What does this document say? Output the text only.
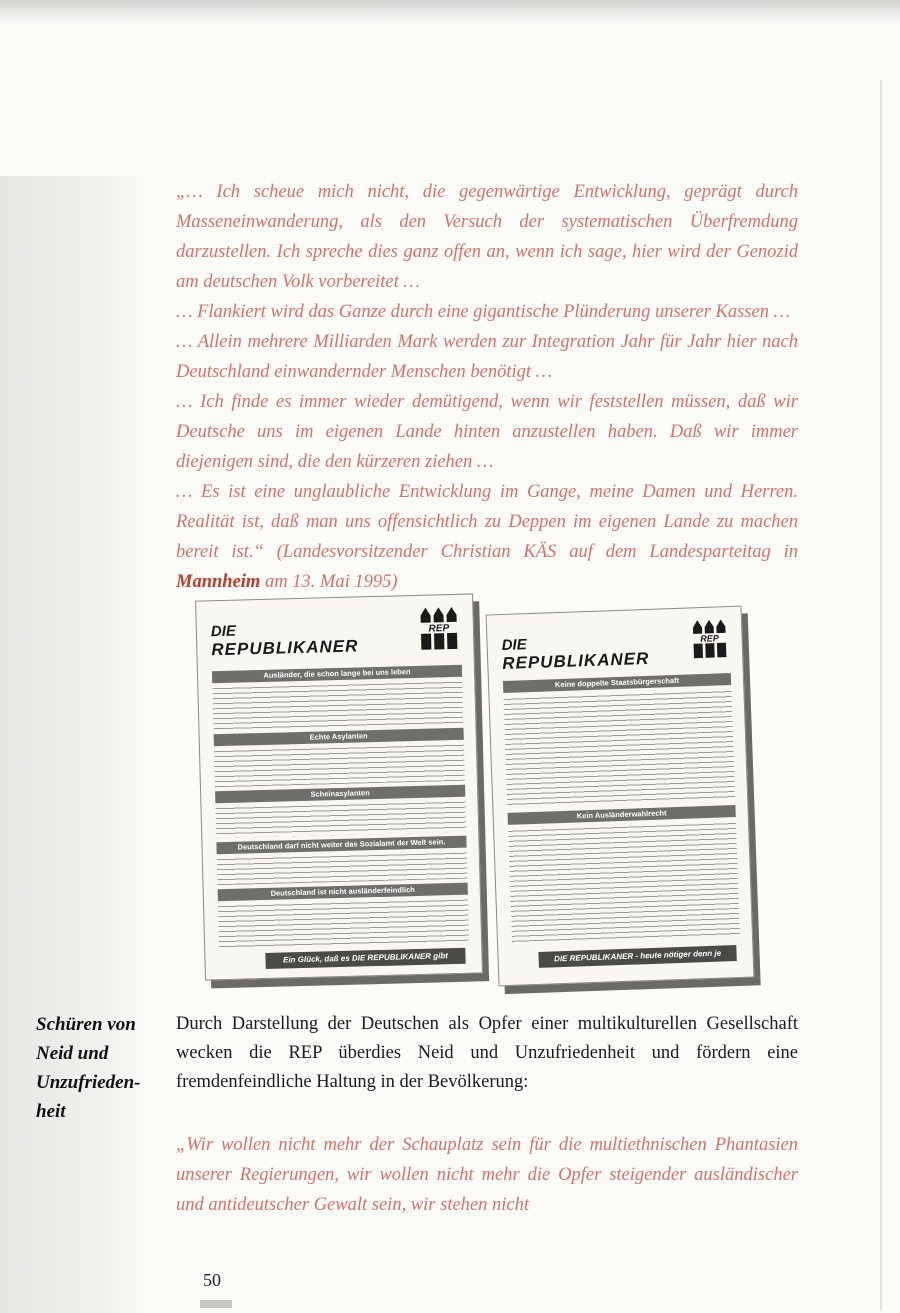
„… Ich scheue mich nicht, die gegenwärtige Entwicklung, geprägt durch Masseneinwanderung, als den Versuch der systematischen Überfremdung darzustellen. Ich spreche dies ganz offen an, wenn ich sage, hier wird der Genozid am deutschen Volk vorbereitet …

… Flankiert wird das Ganze durch eine gigantische Plünderung unserer Kassen …

… Allein mehrere Milliarden Mark werden zur Integration Jahr für Jahr hier nach Deutschland einwandernder Menschen benötigt …

… Ich finde es immer wieder demütigend, wenn wir feststellen müssen, daß wir Deutsche uns im eigenen Lande hinten anzustellen haben. Daß wir immer diejenigen sind, die den kürzeren ziehen …

… Es ist eine unglaubliche Entwicklung im Gange, meine Damen und Herren. Realität ist, daß man uns offensichtlich zu Deppen im eigenen Lande zu machen bereit ist.“ (Landesvorsitzender Christian KÄS auf dem Landesparteitag in Mannheim am 13. Mai 1995)

DIE
REPUBLIKANER
REP
Ausländer, die schon lange bei uns leben
Echte Asylanten
Scheinasylanten
Deutschland darf nicht weiter das Sozialamt der Welt sein.
Deutschland ist nicht ausländerfeindlich
Ein Glück, daß es DIE REPUBLIKANER gibt
DIE
REPUBLIKANER
REP
Keine doppelte Staatsbürgerschaft
Kein Ausländerwahlrecht
DIE REPUBLIKANER - heute nötiger denn je

Schüren von Neid und Unzufrieden-heit

Durch Darstellung der Deutschen als Opfer einer multikulturellen Gesellschaft wecken die REP überdies Neid und Unzufriedenheit und fördern eine fremdenfeindliche Haltung in der Bevölkerung:

„Wir wollen nicht mehr der Schauplatz sein für die multiethnischen Phantasien unserer Regierungen, wir wollen nicht mehr die Opfer steigender ausländischer und antideutscher Gewalt sein, wir stehen nicht

50
